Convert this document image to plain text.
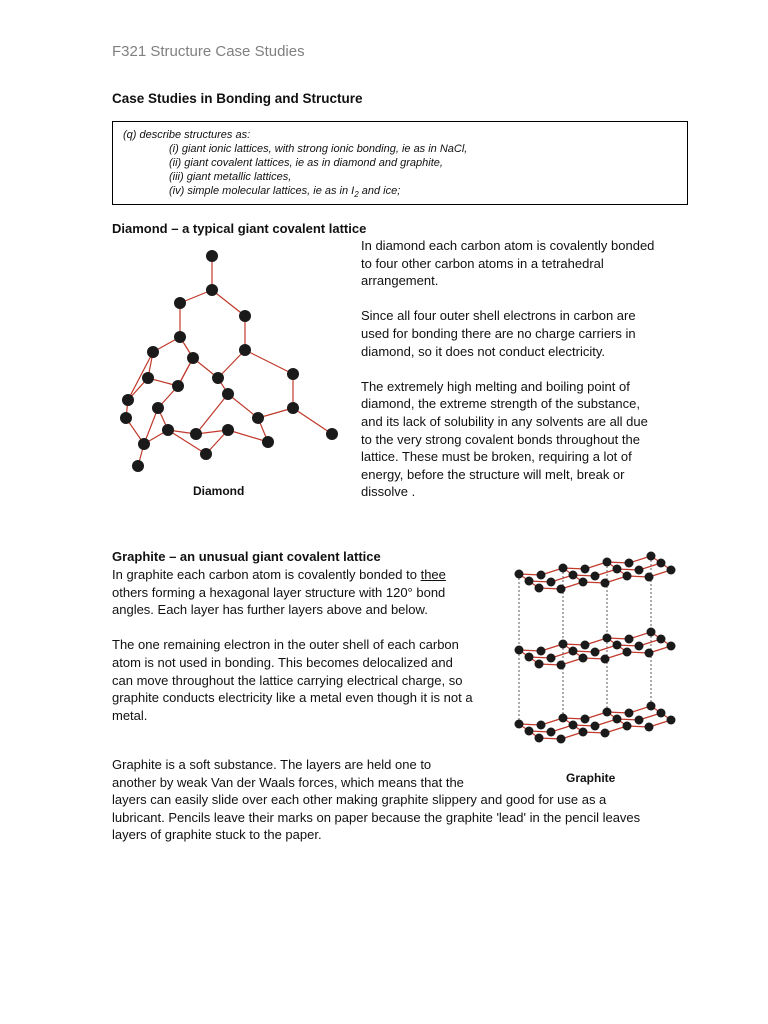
F321 Structure Case Studies
Case Studies in Bonding and Structure
(q) describe structures as:
(i) giant ionic lattices, with strong ionic bonding, ie as in NaCl,
(ii) giant covalent lattices, ie as in diamond and graphite,
(iii) giant metallic lattices,
(iv) simple molecular lattices, ie as in $I_2$ and ice;
Diamond – a typical giant covalent lattice
Diamond

In diamond each carbon atom is covalently bonded to four other carbon atoms in a tetrahedral arrangement.

Since all four outer shell electrons in carbon are used for bonding there are no charge carriers in diamond, so it does not conduct electricity.

The extremely high melting and boiling point of diamond, the extreme strength of the substance, and its lack of solubility in any solvents are all due to the very strong covalent bonds throughout the lattice. These must be broken, requiring a lot of energy, before the structure will melt, break or dissolve .

Graphite – an unusual giant covalent lattice
Graphite

In graphite each carbon atom is covalently bonded to thee others forming a hexagonal layer structure with 120° bond angles. Each layer has further layers above and below.

The one remaining electron in the outer shell of each carbon atom is not used in bonding. This becomes delocalized and can move throughout the lattice carrying electrical charge, so graphite conducts electricity like a metal even though it is not a metal.

Graphite is a soft substance. The layers are held one to another by weak Van der Waals forces, which means that the layers can easily slide over each other making graphite slippery and good for use as a lubricant. Pencils leave their marks on paper because the graphite 'lead' in the pencil leaves layers of graphite stuck to the paper.
